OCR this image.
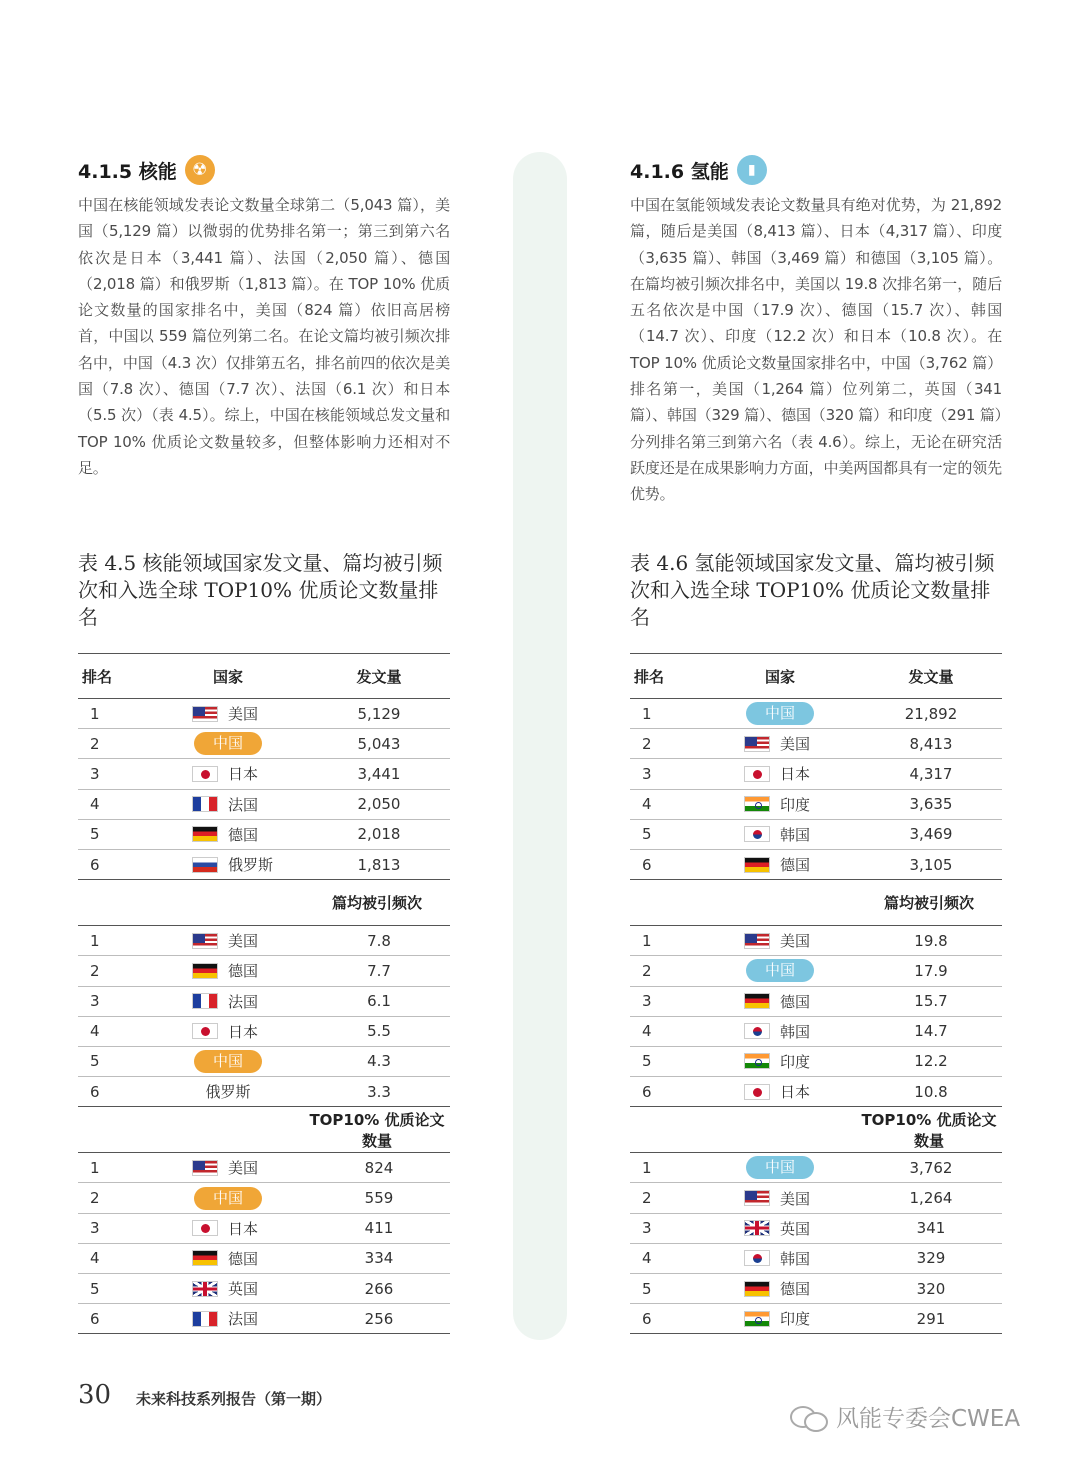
4.1.5 核能 ☢

中国在核能领域发表论文数量全球第二（5,043 篇），美国（5,129 篇）以微弱的优势排名第一；第三到第六名依次是日本（3,441 篇）、法国（2,050 篇）、德国（2,018 篇）和俄罗斯（1,813 篇）。在 TOP 10% 优质论文数量的国家排名中，美国（824 篇）依旧高居榜首，中国以 559 篇位列第二名。在论文篇均被引频次排名中，中国（4.3 次）仅排第五名，排名前四的依次是美国（7.8 次）、德国（7.7 次）、法国（6.1 次）和日本（5.5 次）（表 4.5）。综上，中国在核能领域总发文量和 TOP 10% 优质论文数量较多，但整体影响力还相对不足。

表 4.5 核能领域国家发文量、篇均被引频次和入选全球 TOP10% 优质论文数量排名
排名	国家	发文量
1	美国	5,129
2	中国	5,043
3	日本	3,441
4	法国	2,050
5	德国	2,018
6	俄罗斯	1,813
篇均被引频次
1	美国	7.8
2	德国	7.7
3	法国	6.1
4	日本	5.5
5	中国	4.3
6	俄罗斯	3.3
TOP10% 优质论文数量
1	美国	824
2	中国	559
3	日本	411
4	德国	334
5	英国	266
6	法国	256
4.1.6 氢能	▮

中国在氢能领域发表论文数量具有绝对优势，为 21,892 篇，随后是美国（8,413 篇）、日本（4,317 篇）、印度（3,635 篇）、韩国（3,469 篇）和德国（3,105 篇）。在篇均被引频次排名中，美国以 19.8 次排名第一，随后五名依次是中国（17.9 次）、德国（15.7 次）、韩国（14.7 次）、印度（12.2 次）和日本（10.8 次）。在 TOP 10% 优质论文数量国家排名中，中国（3,762 篇）排名第一，美国（1,264 篇）位列第二，英国（341 篇）、韩国（329 篇）、德国（320 篇）和印度（291 篇）分列排名第三到第六名（表 4.6）。综上，无论在研究活跃度还是在成果影响力方面，中美两国都具有一定的领先优势。

表 4.6 氢能领域国家发文量、篇均被引频次和入选全球 TOP10% 优质论文数量排名
排名	国家	发文量
1	中国	21,892
2	美国	8,413
3	日本	4,317
4	印度	3,635
5	韩国	3,469
6	德国	3,105
篇均被引频次
1	美国	19.8
2	中国	17.9
3	德国	15.7
4	韩国	14.7
5	印度	12.2
6	日本	10.8
TOP10% 优质论文数量
1	中国	3,762
2	美国	1,264
3	英国	341
4	韩国	329
5	德国	320
6	印度	291
30 未来科技系列报告（第一期）
风能专委会CWEA
